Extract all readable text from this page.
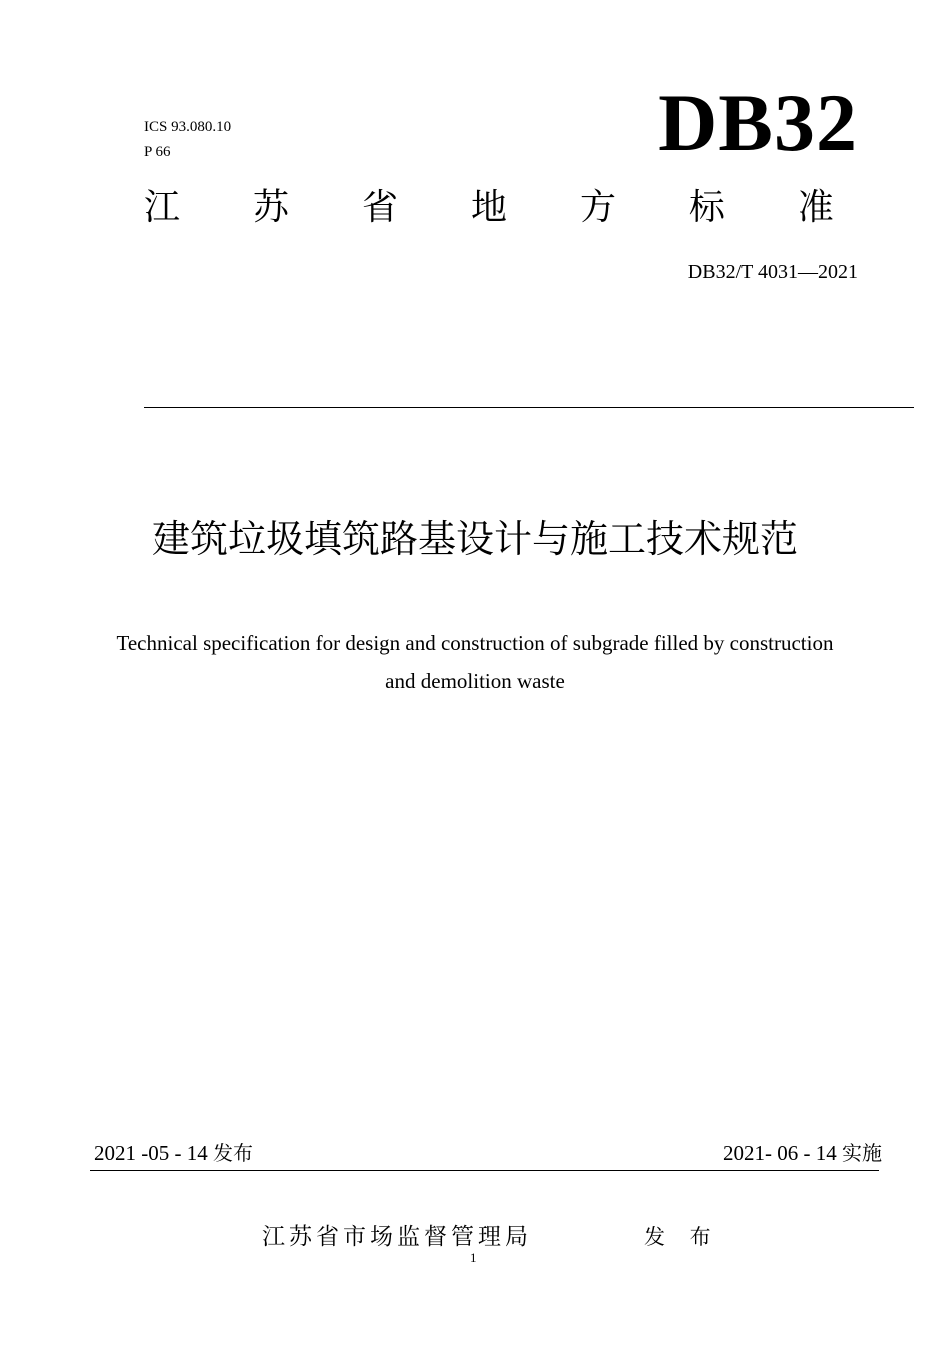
ICS 93.080.10
P 66	DB32
江 苏 省 地 方 标 准
DB32/T 4031—2021
建筑垃圾填筑路基设计与施工技术规范
Technical specification for design and construction of subgrade filled by construction
and demolition waste
2021 -05 - 14 发布	2021- 06 - 14 实施
江苏省市场监督管理局	发 布
1
